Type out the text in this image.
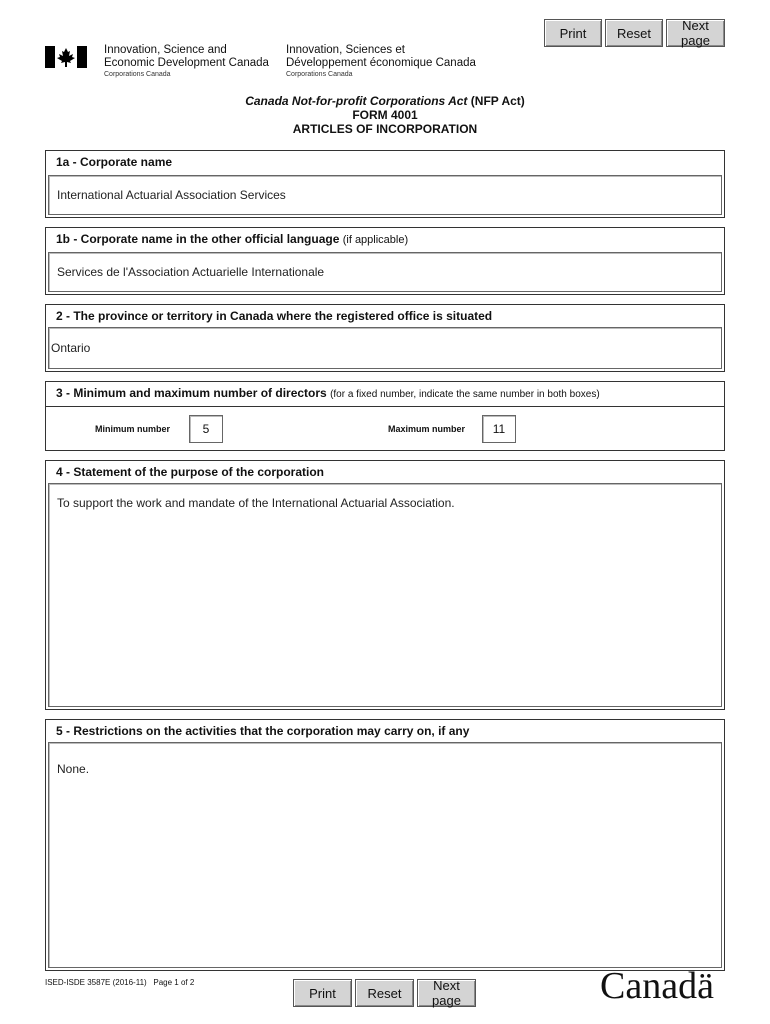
Print	Reset	Next page
Innovation, Science and
Economic Development Canada
Corporations Canada
Innovation, Sciences et
Développement économique Canada
Corporations Canada
Canada Not-for-profit Corporations Act (NFP Act)
FORM 4001
ARTICLES OF INCORPORATION
1a - Corporate name
International Actuarial Association Services
1b - Corporate name in the other official language (if applicable)
Services de l'Association Actuarielle Internationale
2 - The province or territory in Canada where the registered office is situated
Ontario
3 - Minimum and maximum number of directors (for a fixed number, indicate the same number in both boxes)
Minimum number	5	Maximum number 11
4 - Statement of the purpose of the corporation
To support the work and mandate of the International Actuarial Association.
5 - Restrictions on the activities that the corporation may carry on, if any
None.
ISED-ISDE 3587E (2016-11) Page 1 of 2
Print	Reset	Next page	Canadä
